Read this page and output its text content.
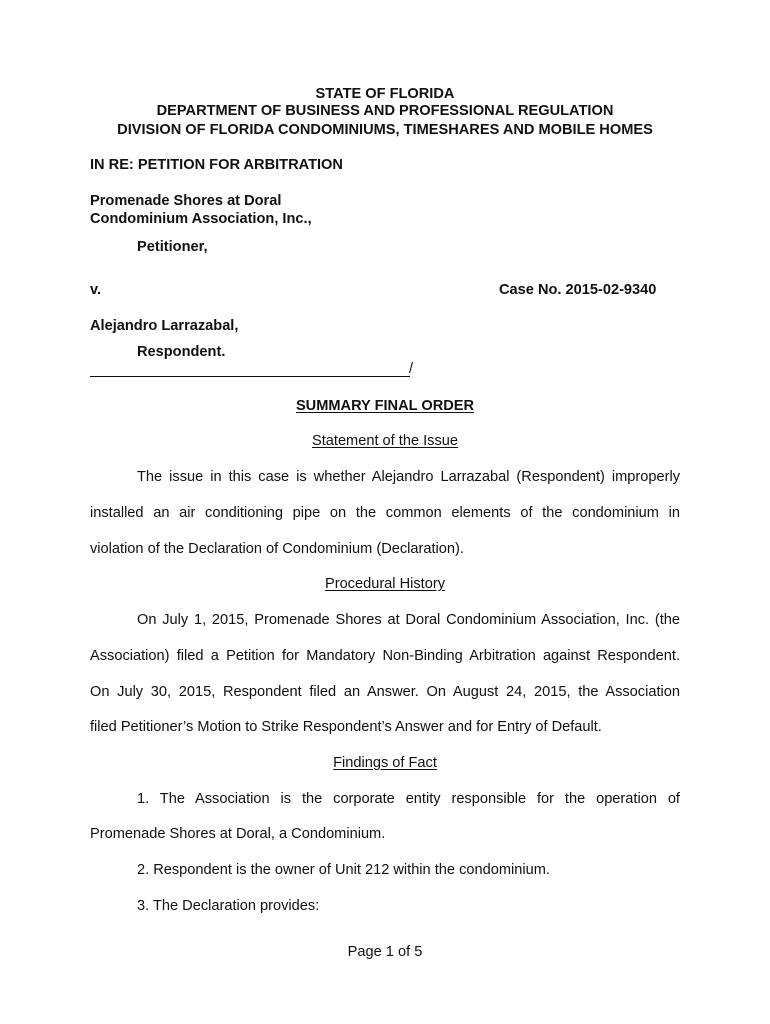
STATE OF FLORIDA
DEPARTMENT OF BUSINESS AND PROFESSIONAL REGULATION
DIVISION OF FLORIDA CONDOMINIUMS, TIMESHARES AND MOBILE HOMES
IN RE: PETITION FOR ARBITRATION
Promenade Shores at Doral
Condominium Association, Inc.,
Petitioner,
v.	Case No. 2015-02-9340
Alejandro Larrazabal,
Respondent.
/
SUMMARY FINAL ORDER
Statement of the Issue
The issue in this case is whether Alejandro Larrazabal (Respondent) improperly
installed an air conditioning pipe on the common elements of the condominium in
violation of the Declaration of Condominium (Declaration).
Procedural History
On July 1, 2015, Promenade Shores at Doral Condominium Association, Inc. (the
Association) filed a Petition for Mandatory Non-Binding Arbitration against Respondent.
On July 30, 2015, Respondent filed an Answer. On August 24, 2015, the Association
filed Petitioner’s Motion to Strike Respondent’s Answer and for Entry of Default.
Findings of Fact
1. The Association is the corporate entity responsible for the operation of
Promenade Shores at Doral, a Condominium.
2. Respondent is the owner of Unit 212 within the condominium.
3. The Declaration provides:
Page 1 of 5
